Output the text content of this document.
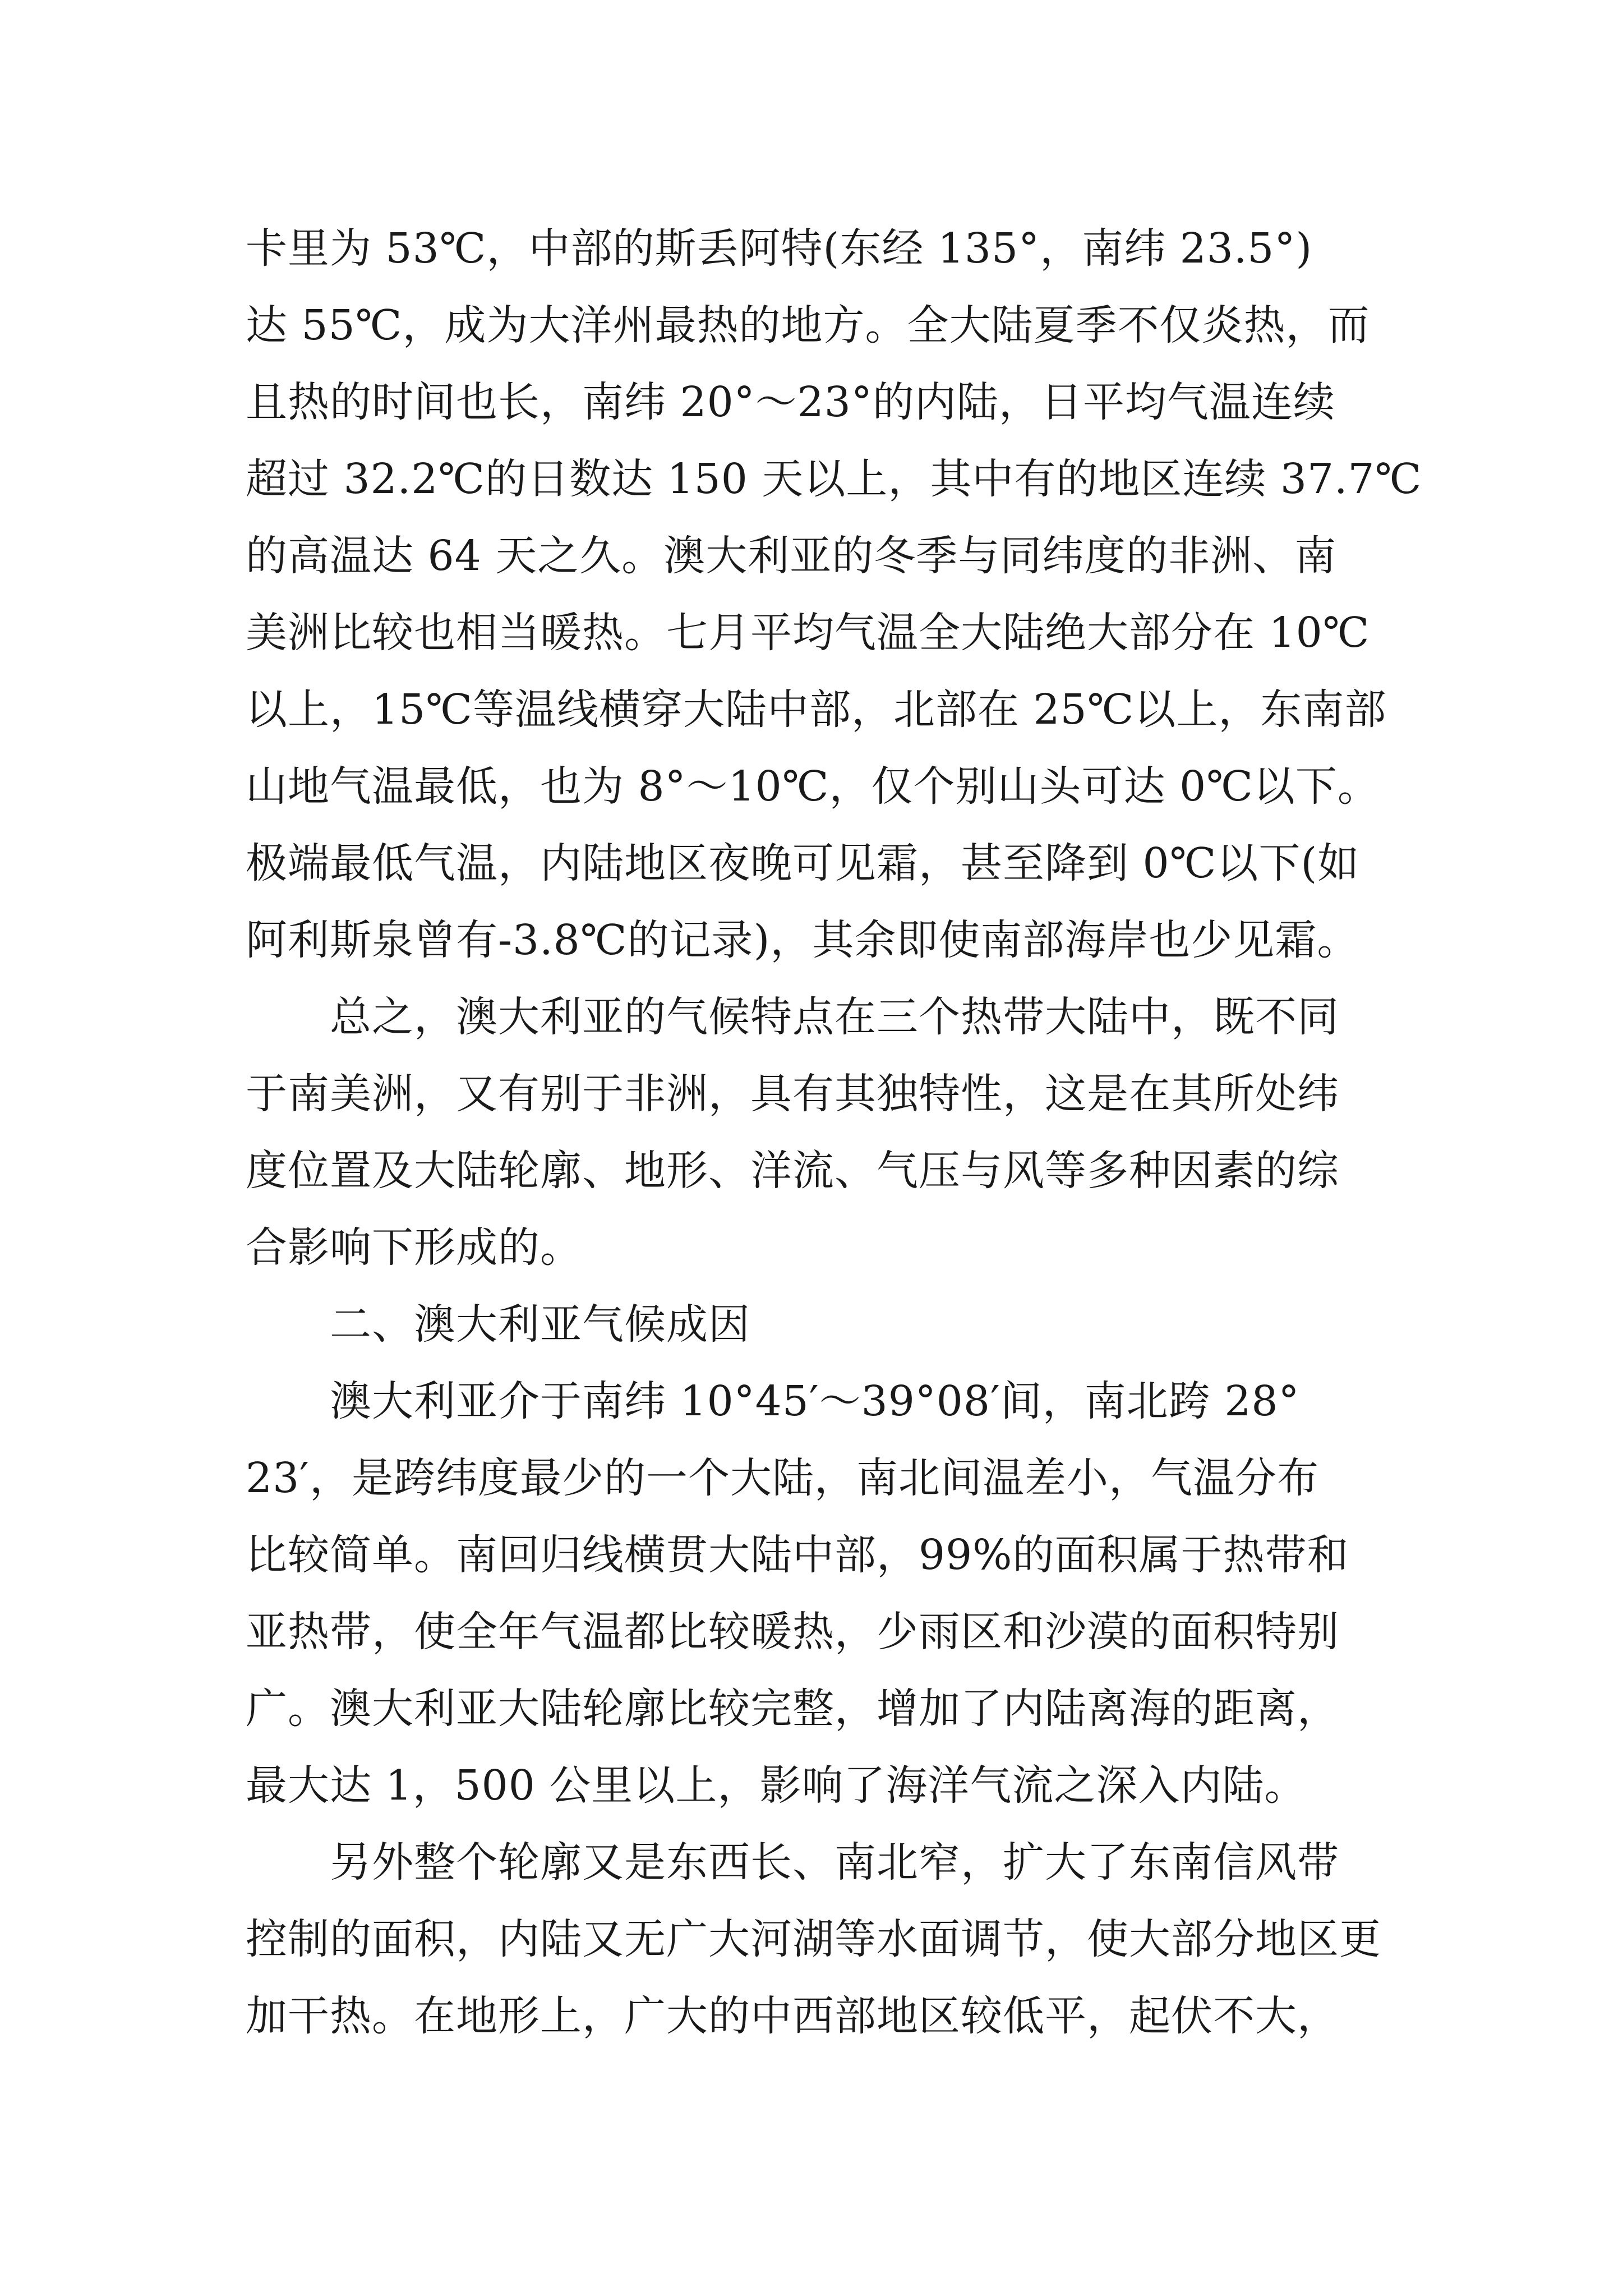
卡里为 53℃，中部的斯丢阿特(东经 135°，南纬 23.5°)
达 55℃，成为大洋州最热的地方。全大陆夏季不仅炎热，而
且热的时间也长，南纬 20°～23°的内陆，日平均气温连续
超过 32.2℃的日数达 150 天以上，其中有的地区连续 37.7℃
的高温达 64 天之久。澳大利亚的冬季与同纬度的非洲、南
美洲比较也相当暖热。七月平均气温全大陆绝大部分在 10℃
以上，15℃等温线横穿大陆中部，北部在 25℃以上，东南部
山地气温最低，也为 8°～10℃，仅个别山头可达 0℃以下。
极端最低气温，内陆地区夜晚可见霜，甚至降到 0℃以下(如
阿利斯泉曾有-3.8℃的记录)，其余即使南部海岸也少见霜。
总之，澳大利亚的气候特点在三个热带大陆中，既不同
于南美洲，又有别于非洲，具有其独特性，这是在其所处纬
度位置及大陆轮廓、地形、洋流、气压与风等多种因素的综
合影响下形成的。
二、澳大利亚气候成因
澳大利亚介于南纬 10°45′～39°08′间，南北跨 28°
23′，是跨纬度最少的一个大陆，南北间温差小，气温分布
比较简单。南回归线横贯大陆中部，99%的面积属于热带和
亚热带，使全年气温都比较暖热，少雨区和沙漠的面积特别
广。澳大利亚大陆轮廓比较完整，增加了内陆离海的距离，
最大达 1，500 公里以上，影响了海洋气流之深入内陆。
另外整个轮廓又是东西长、南北窄，扩大了东南信风带
控制的面积，内陆又无广大河湖等水面调节，使大部分地区更
加干热。在地形上，广大的中西部地区较低平，起伏不大，
